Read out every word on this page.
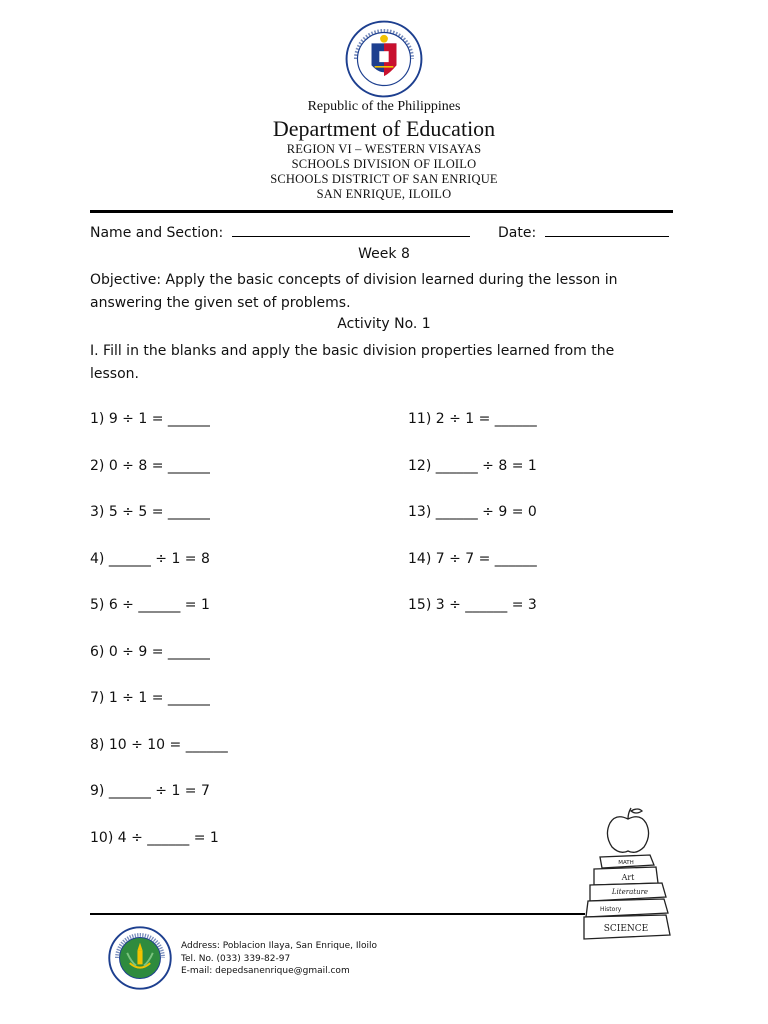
Republic of the Philippines
Department of Education
REGION VI – WESTERN VISAYAS
SCHOOLS DIVISION OF ILOILO
SCHOOLS DISTRICT OF SAN ENRIQUE
SAN ENRIQUE, ILOILO
Name and Section:	Date:
Week 8
Objective: Apply the basic concepts of division learned during the lesson in
answering the given set of problems.
Activity No. 1
I. Fill in the blanks and apply the basic division properties learned from the
lesson.
1) 9 ÷ 1 = ______
2) 0 ÷ 8 = ______
3) 5 ÷ 5 = ______
4) ______ ÷ 1 = 8
5) 6 ÷ ______ = 1
6) 0 ÷ 9 = ______
7) 1 ÷ 1 = ______
8) 10 ÷ 10 = ______
9) ______ ÷ 1 = 7
10) 4 ÷ ______ = 1
11) 2 ÷ 1 = ______
12) ______ ÷ 8 = 1
13) ______ ÷ 9 = 0
14) 7 ÷ 7 = ______
15) 3 ÷ ______ = 3
MATH
Art
Literature
History
SCIENCE
Address: Poblacion Ilaya, San Enrique, Iloilo
Tel. No. (033) 339-82-97
E-mail: depedsanenrique@gmail.com
